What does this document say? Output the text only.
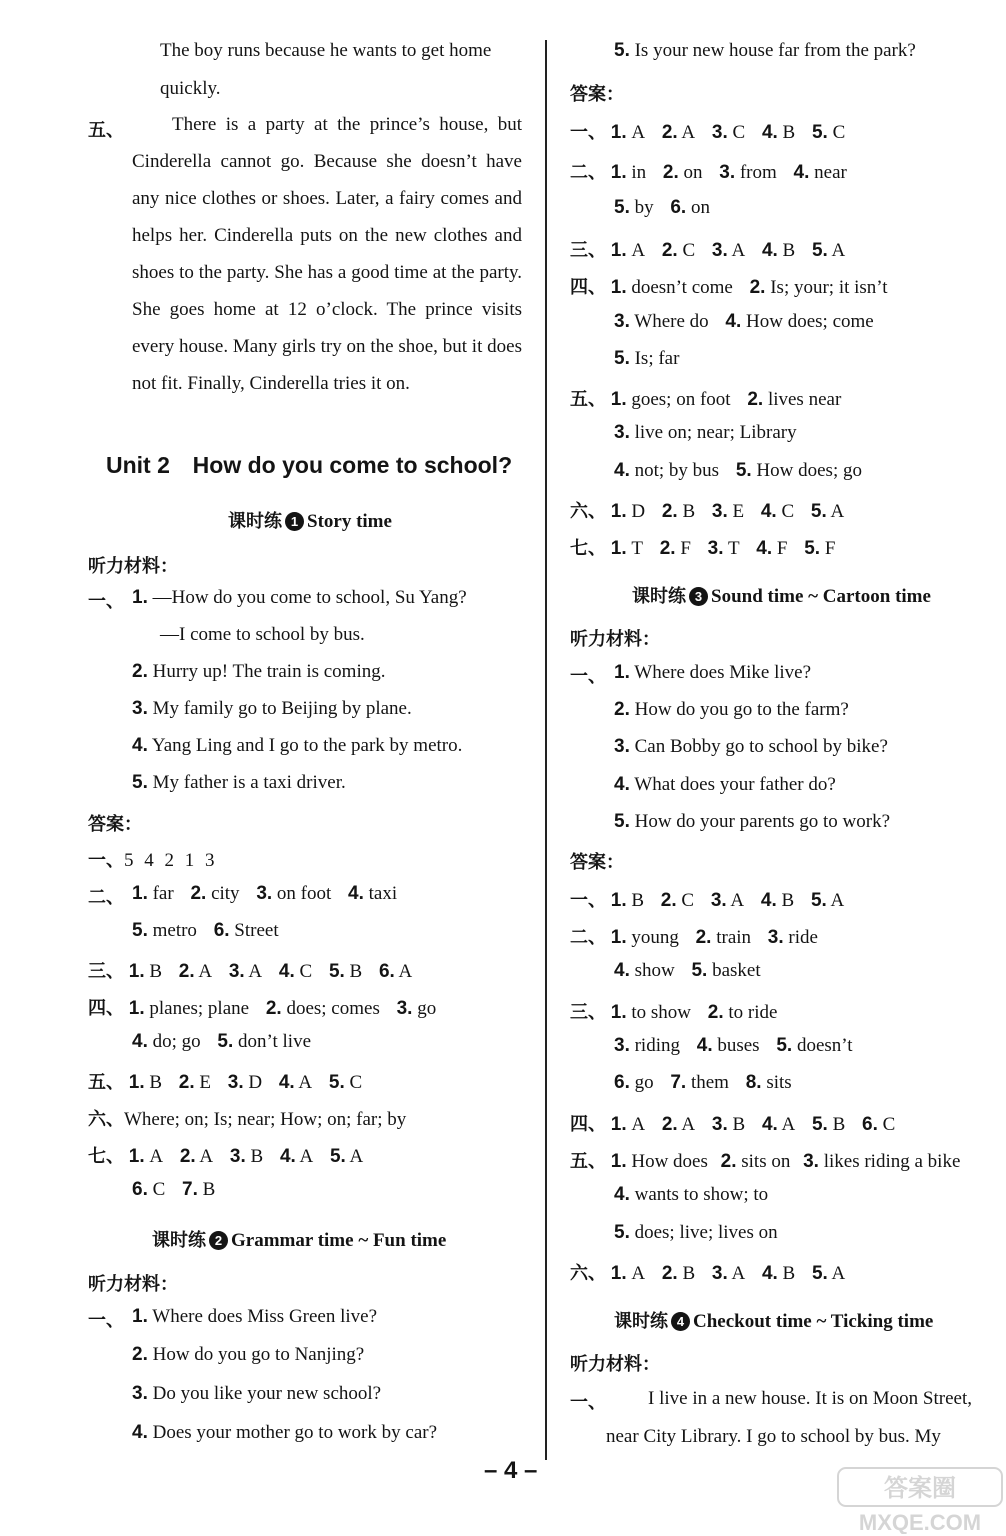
The boy runs because he wants to get home
quickly.
五、	There is a party at the prince’s house, but Cinderella cannot go. Because she doesn’t have any nice clothes or shoes. Later, a fairy comes and helps her. Cinderella puts on the new clothes and shoes to the party. She has a good time at the party. She goes home at 12 o’clock. The prince visits every house. Many girls try on the shoe, but it does not fit. Finally, Cinderella tries it on.
Unit 2 How do you come to school?
课时练 1 Story time
听力材料：
一、 1. —How do you come to school, Su Yang?
—I come to school by bus.
2. Hurry up! The train is coming.
3. My family go to Beijing by plane.
4. Yang Ling and I go to the park by metro.
5. My father is a taxi driver.
答案：
一、5 4 2 1 3
二、 1. far 2. city 3. on foot 4. taxi
5. metro 6. Street
三、 1. B 2. A 3. A 4. C 5. B 6. A
四、 1. planes; plane 2. does; comes 3. go
4. do; go 5. don’t live
五、 1. B 2. E 3. D 4. A 5. C
六、Where; on; Is; near; How; on; far; by
七、 1. A 2. A 3. B 4. A 5. A
6. C 7. B
课时练 2 Grammar time ~ Fun time
听力材料：
一、 1. Where does Miss Green live?
2. How do you go to Nanjing?
3. Do you like your new school?
4. Does your mother go to work by car?
5. Is your new house far from the park?
答案：
一、 1. A 2. A 3. C 4. B 5. C
二、 1. in 2. on 3. from 4. near
5. by 6. on
三、 1. A 2. C 3. A 4. B 5. A
四、 1. doesn’t come 2. Is; your; it isn’t
3. Where do 4. How does; come
5. Is; far
五、 1. goes; on foot 2. lives near
3. live on; near; Library
4. not; by bus 5. How does; go
六、 1. D 2. B 3. E 4. C 5. A
七、 1. T 2. F 3. T 4. F 5. F
课时练 3 Sound time ~ Cartoon time
听力材料：
一、 1. Where does Mike live?
2. How do you go to the farm?
3. Can Bobby go to school by bike?
4. What does your father do?
5. How do your parents go to work?
答案：
一、 1. B 2. C 3. A 4. B 5. A
二、 1. young 2. train 3. ride
4. show 5. basket
三、 1. to show 2. to ride
3. riding 4. buses 5. doesn’t
6. go 7. them 8. sits
四、 1. A 2. A 3. B 4. A 5. B 6. C
五、 1. How does 2. sits on 3. likes riding a bike
4. wants to show; to
5. does; live; lives on
六、 1. A 2. B 3. A 4. B 5. A
课时练 4 Checkout time ~ Ticking time
听力材料：
一、 I live in a new house. It is on Moon Street,
near City Library. I go to school by bus. My
– 4 –
答案圈
MXQE.COM
